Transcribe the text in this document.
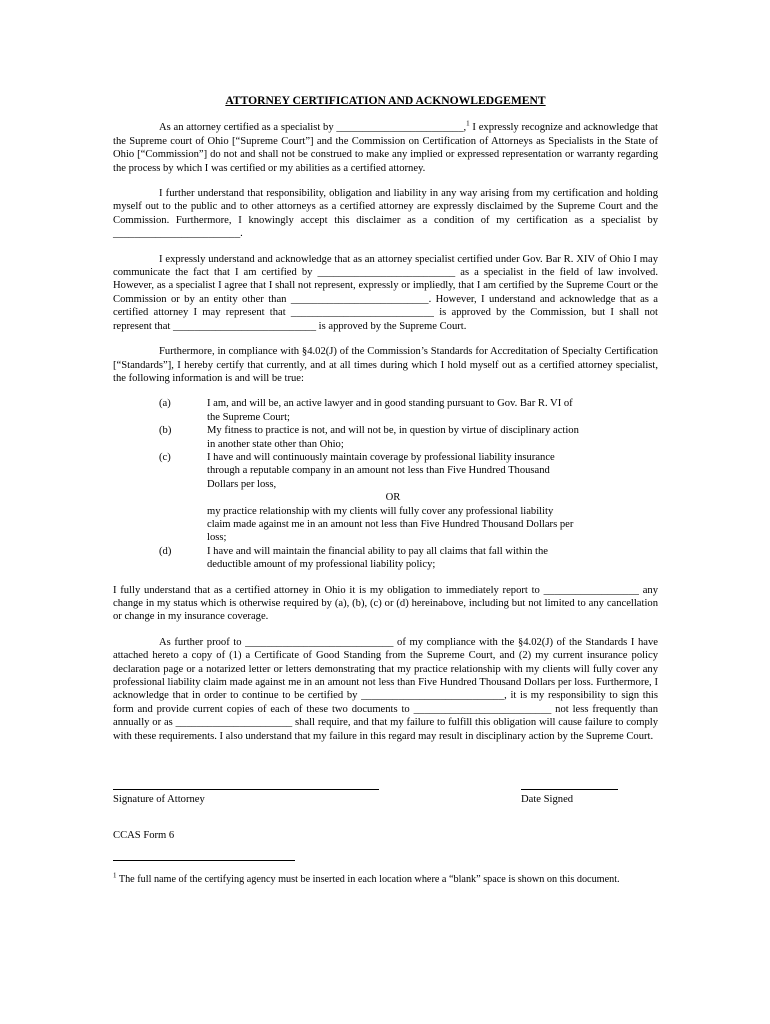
ATTORNEY CERTIFICATION AND ACKNOWLEDGEMENT

As an attorney certified as a specialist by ________________________,$^1$ I expressly recognize and acknowledge that the Supreme court of Ohio [“Supreme Court”] and the Commission on Certification of Attorneys as Specialists in the State of Ohio [“Commission”] do not and shall not be construed to make any implied or expressed representation or warranty regarding the process by which I was certified or my abilities as a certified attorney.

I further understand that responsibility, obligation and liability in any way arising from my certification and holding myself out to the public and to other attorneys as a certified attorney are expressly disclaimed by the Supreme Court and the Commission. Furthermore, I knowingly accept this disclaimer as a condition of my certification as a specialist by ________________________.

I expressly understand and acknowledge that as an attorney specialist certified under Gov. Bar R. XIV of Ohio I may communicate the fact that I am certified by __________________________ as a specialist in the field of law involved. However, as a specialist I agree that I shall not represent, expressly or impliedly, that I am certified by the Supreme Court or the Commission or by an entity other than __________________________. However, I understand and acknowledge that as a certified attorney I may represent that ___________________________ is approved by the Commission, but I shall not represent that ___________________________ is approved by the Supreme Court.

Furthermore, in compliance with §4.02(J) of the Commission’s Standards for Accreditation of Specialty Certification [“Standards”], I hereby certify that currently, and at all times during which I hold myself out as a certified attorney specialist, the following information is and will be true:

(a)	I am, and will be, an active lawyer and in good standing pursuant to Gov. Bar R. VI of the Supreme Court;
(b)	My fitness to practice is not, and will not be, in question by virtue of disciplinary action in another state other than Ohio;
(c)	I have and will continuously maintain coverage by professional liability insurance through a reputable company in an amount not less than Five Hundred Thousand Dollars per loss,
OR
my practice relationship with my clients will fully cover any professional liability claim made against me in an amount not less than Five Hundred Thousand Dollars per loss;
(d)	I have and will maintain the financial ability to pay all claims that fall within the deductible amount of my professional liability policy;

I fully understand that as a certified attorney in Ohio it is my obligation to immediately report to __________________ any change in my status which is otherwise required by (a), (b), (c) or (d) hereinabove, including but not limited to any cancellation or change in my insurance coverage.

As further proof to ____________________________ of my compliance with the §4.02(J) of the Standards I have attached hereto a copy of (1) a Certificate of Good Standing from the Supreme Court, and (2) my current insurance policy declaration page or a notarized letter or letters demonstrating that my practice relationship with my clients will fully cover any professional liability claim made against me in an amount not less than Five Hundred Thousand Dollars per loss. Furthermore, I acknowledge that in order to continue to be certified by ___________________________, it is my responsibility to sign this form and provide current copies of each of these two documents to __________________________ not less frequently than annually or as ______________________ shall require, and that my failure to fulfill this obligation will cause failure to comply with these requirements. I also understand that my failure in this regard may result in disciplinary action by the Supreme Court.

Signature of Attorney	Date Signed
CCAS Form 6
$^1$ The full name of the certifying agency must be inserted in each location where a “blank” space is shown on this document.
